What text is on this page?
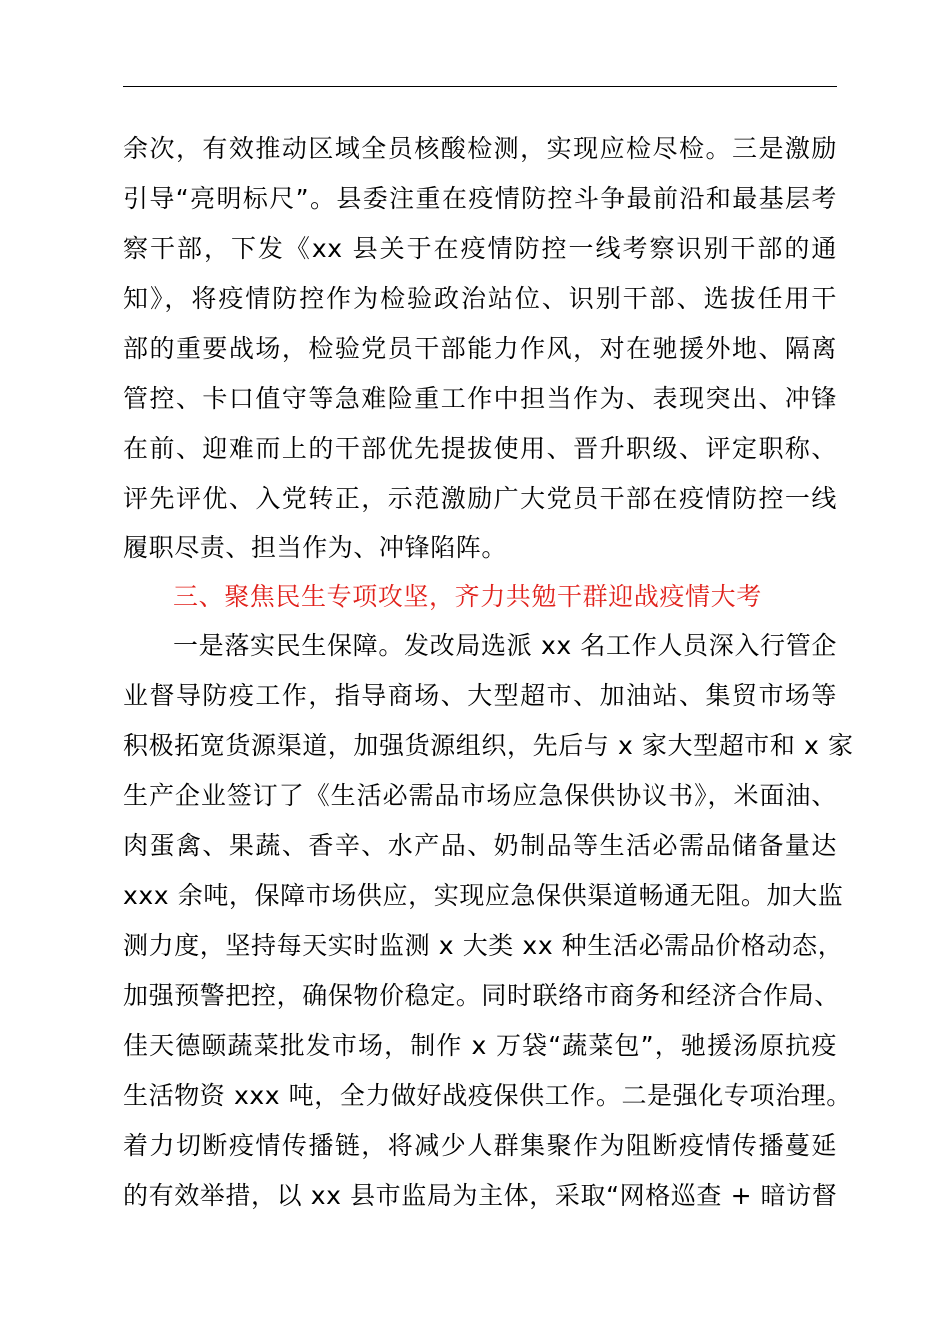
余次，有效推动区域全员核酸检测，实现应检尽检。三是激励
引导“亮明标尺”。县委注重在疫情防控斗争最前沿和最基层考
察干部，下发《xx 县关于在疫情防控一线考察识别干部的通
知》，将疫情防控作为检验政治站位、识别干部、选拔任用干
部的重要战场，检验党员干部能力作风，对在驰援外地、隔离
管控、卡口值守等急难险重工作中担当作为、表现突出、冲锋
在前、迎难而上的干部优先提拔使用、晋升职级、评定职称、
评先评优、入党转正，示范激励广大党员干部在疫情防控一线
履职尽责、担当作为、冲锋陷阵。
三、聚焦民生专项攻坚，齐力共勉干群迎战疫情大考
一是落实民生保障。发改局选派 xx 名工作人员深入行管企
业督导防疫工作，指导商场、大型超市、加油站、集贸市场等
积极拓宽货源渠道，加强货源组织，先后与 x 家大型超市和 x 家
生产企业签订了《生活必需品市场应急保供协议书》，米面油、
肉蛋禽、果蔬、香辛、水产品、奶制品等生活必需品储备量达
xxx 余吨，保障市场供应，实现应急保供渠道畅通无阻。加大监
测力度，坚持每天实时监测 x 大类 xx 种生活必需品价格动态，
加强预警把控，确保物价稳定。同时联络市商务和经济合作局、
佳天德颐蔬菜批发市场，制作 x 万袋“蔬菜包”，驰援汤原抗疫
生活物资 xxx 吨，全力做好战疫保供工作。二是强化专项治理。
着力切断疫情传播链，将减少人群集聚作为阻断疫情传播蔓延
的有效举措，以 xx 县市监局为主体，采取“网格巡查 + 暗访督
